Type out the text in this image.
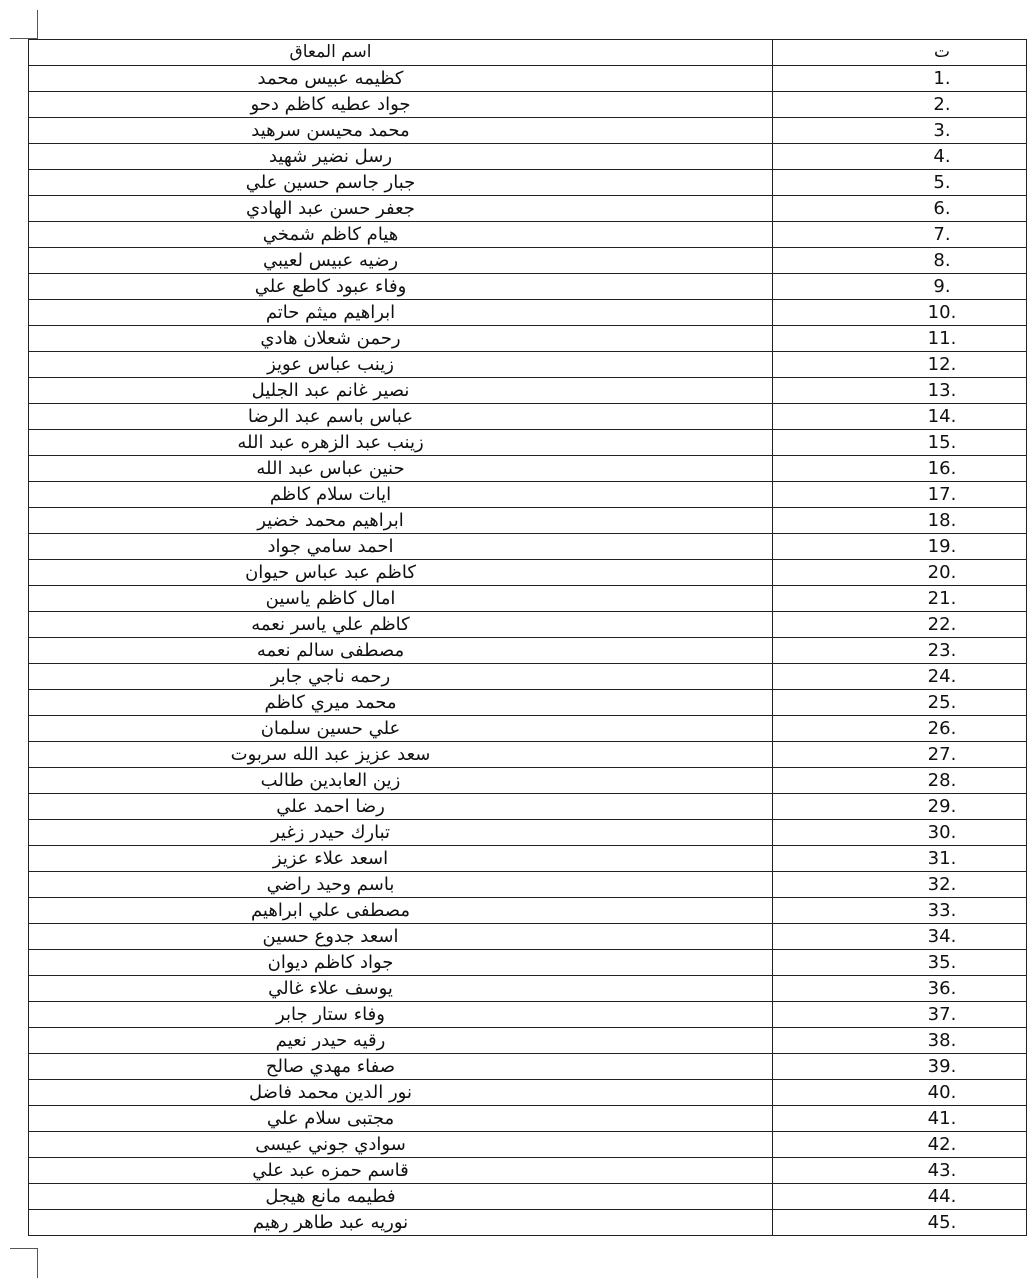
اسم المعاق	ت
كظيمه عبيس محمد	1.
جواد عطيه كاظم دحو	2.
محمد محيسن سرهيد	3.
رسل نضير شهيد	4.
جبار جاسم حسين علي	5.
جعفر حسن عبد الهادي	6.
هيام كاظم شمخي	7.
رضيه عبيس لعيبي	8.
وفاء عبود كاطع علي	9.
ابراهيم ميثم حاتم	10.
رحمن شعلان هادي	11.
زينب عباس عويز	12.
نصير غانم عبد الجليل	13.
عباس باسم عبد الرضا	14.
زينب عبد الزهره عبد الله	15.
حنين عباس عبد الله	16.
ايات سلام كاظم	17.
ابراهيم محمد خضير	18.
احمد سامي جواد	19.
كاظم عبد عباس حيوان	20.
امال كاظم ياسين	21.
كاظم علي ياسر نعمه	22.
مصطفى سالم نعمه	23.
رحمه ناجي جابر	24.
محمد ميري كاظم	25.
علي حسين سلمان	26.
سعد عزيز عبد الله سربوت	27.
زين العابدين طالب	28.
رضا احمد علي	29.
تبارك حيدر زغير	30.
اسعد علاء عزيز	31.
باسم وحيد راضي	32.
مصطفى علي ابراهيم	33.
اسعد جدوع حسين	34.
جواد كاظم ديوان	35.
يوسف علاء غالي	36.
وفاء ستار جابر	37.
رقيه حيدر نعيم	38.
صفاء مهدي صالح	39.
نور الدين محمد فاضل	40.
مجتبى سلام علي	41.
سوادي جوني عيسى	42.
قاسم حمزه عبد علي	43.
فطيمه مانع هيجل	44.
نوريه عبد طاهر رهيم	45.
